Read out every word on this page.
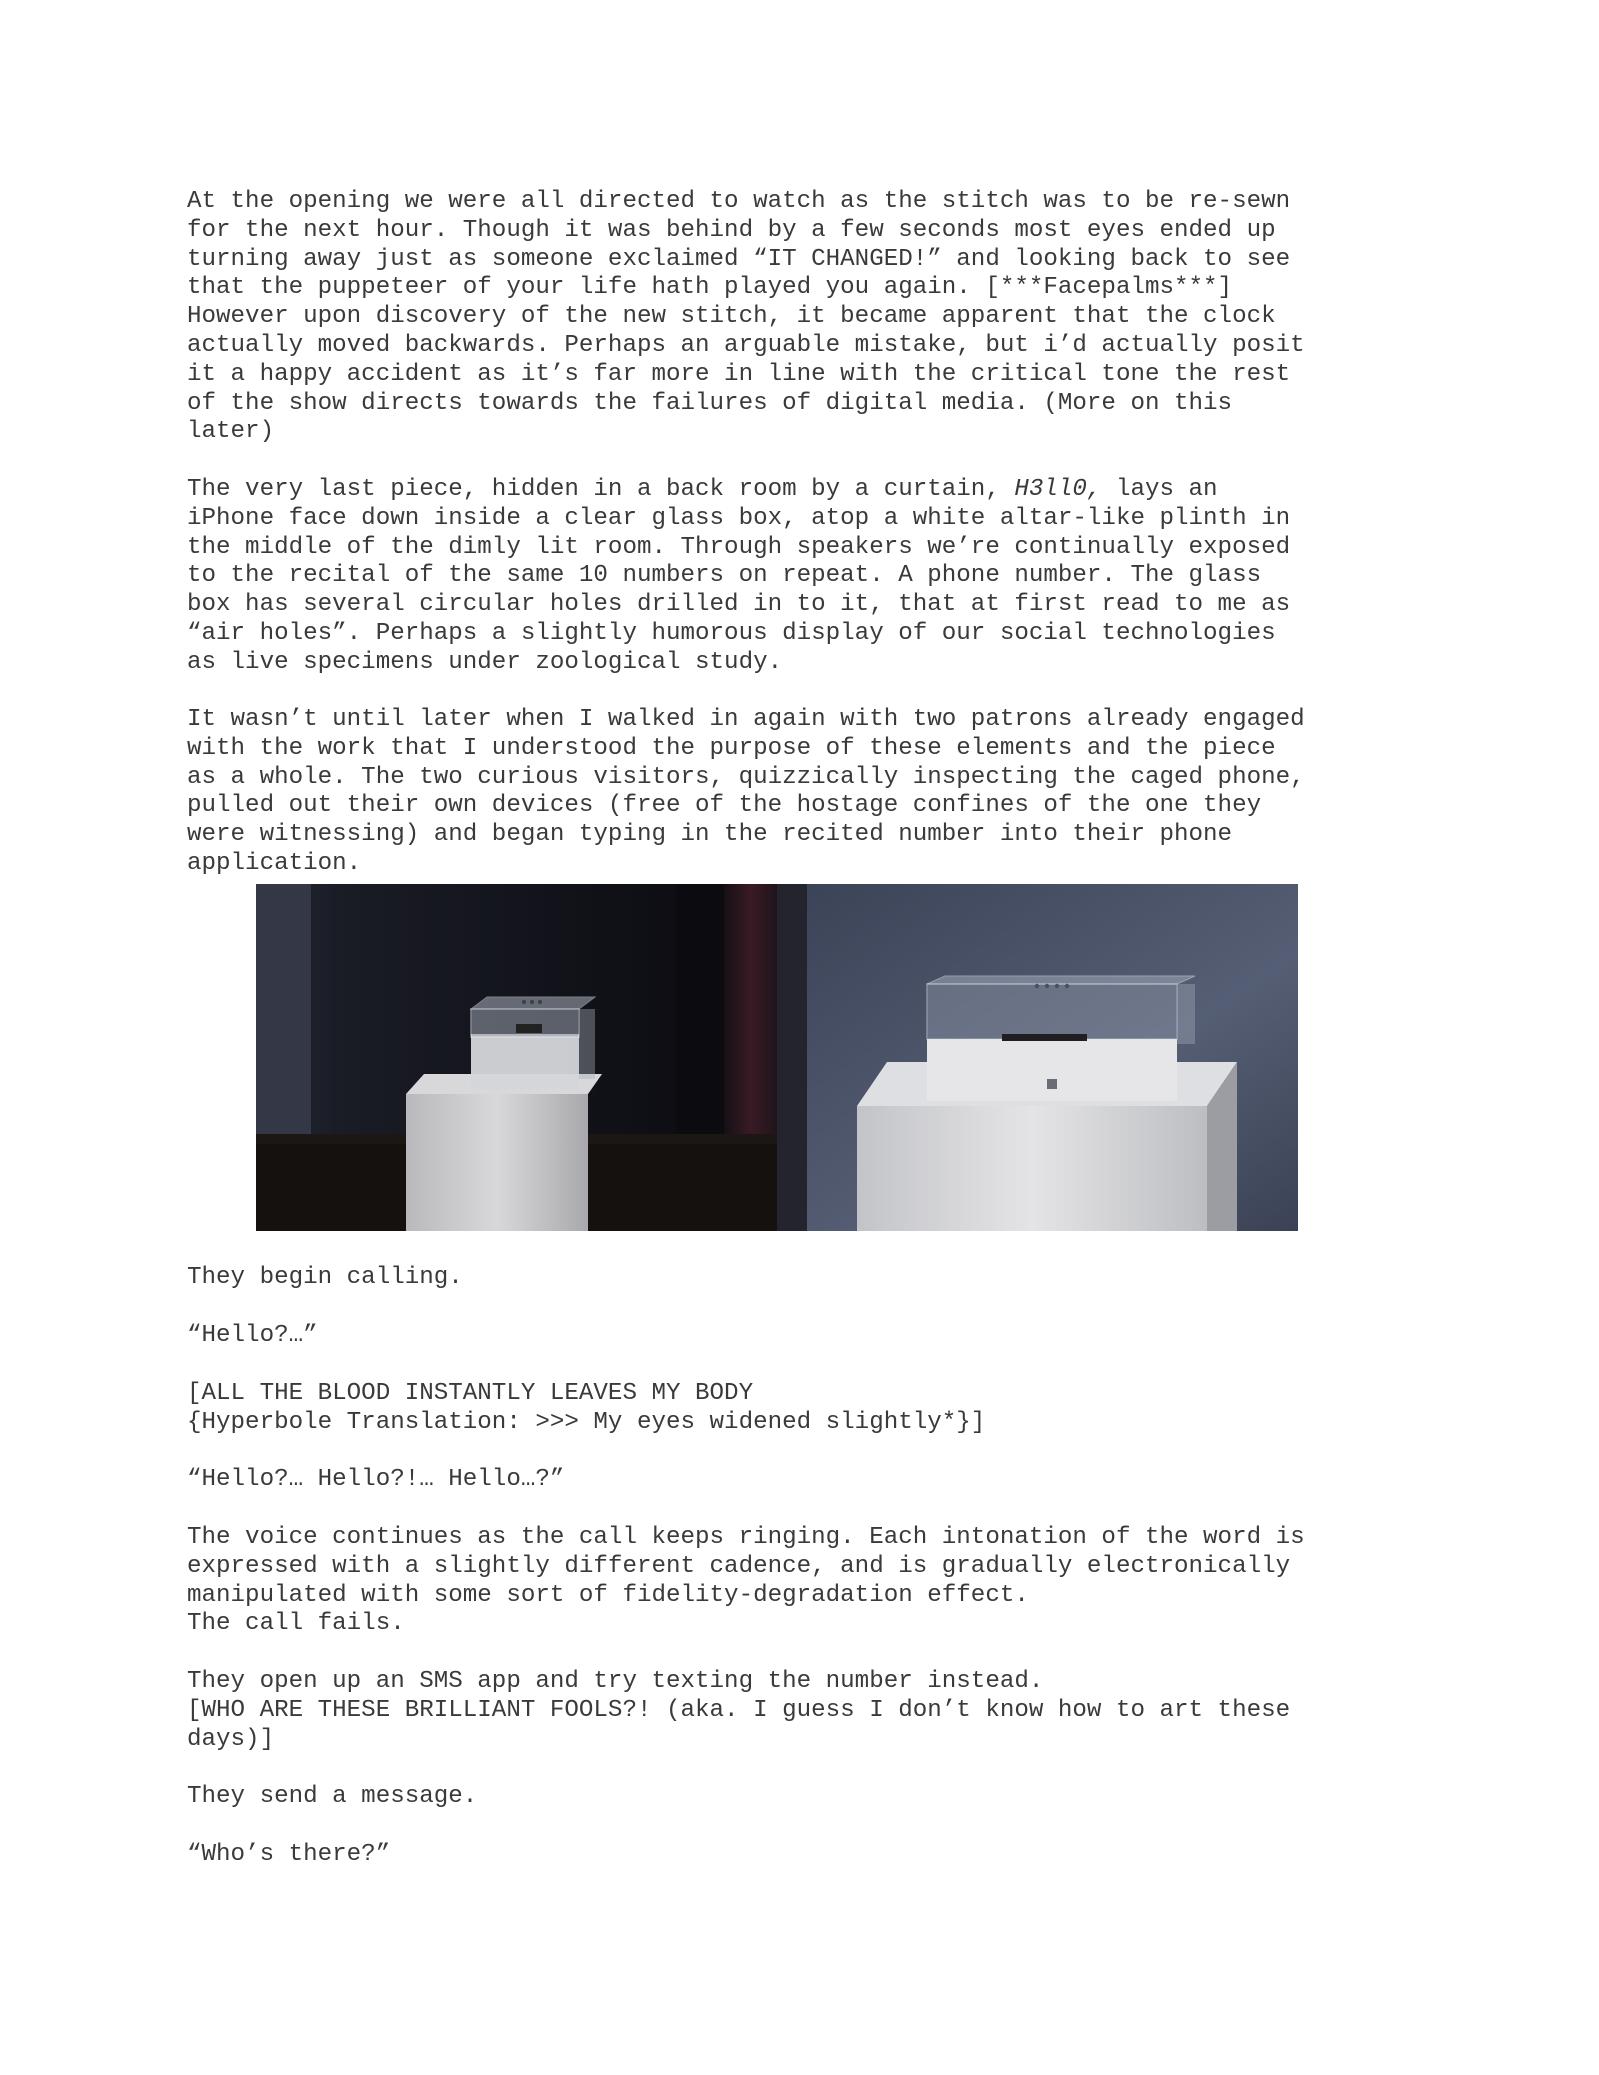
At the opening we were all directed to watch as the stitch was to be re-sewn
for the next hour. Though it was behind by a few seconds most eyes ended up
turning away just as someone exclaimed “IT CHANGED!” and looking back to see
that the puppeteer of your life hath played you again. [***Facepalms***]
However upon discovery of the new stitch, it became apparent that the clock
actually moved backwards. Perhaps an arguable mistake, but i’d actually posit
it a happy accident as it’s far more in line with the critical tone the rest
of the show directs towards the failures of digital media. (More on this
later)

The very last piece, hidden in a back room by a curtain, H3ll0, lays an
iPhone face down inside a clear glass box, atop a white altar-like plinth in
the middle of the dimly lit room. Through speakers we’re continually exposed
to the recital of the same 10 numbers on repeat. A phone number. The glass
box has several circular holes drilled in to it, that at first read to me as
“air holes”. Perhaps a slightly humorous display of our social technologies
as live specimens under zoological study.

It wasn’t until later when I walked in again with two patrons already engaged
with the work that I understood the purpose of these elements and the piece
as a whole. The two curious visitors, quizzically inspecting the caged phone,
pulled out their own devices (free of the hostage confines of the one they
were witnessing) and began typing in the recited number into their phone
application.

They begin calling.

“Hello?…”

[ALL THE BLOOD INSTANTLY LEAVES MY BODY
{Hyperbole Translation: >>> My eyes widened slightly*}]

“Hello?… Hello?!… Hello…?”

The voice continues as the call keeps ringing. Each intonation of the word is
expressed with a slightly different cadence, and is gradually electronically
manipulated with some sort of fidelity-degradation effect.
The call fails.

They open up an SMS app and try texting the number instead.
[WHO ARE THESE BRILLIANT FOOLS?! (aka. I guess I don’t know how to art these
days)]

They send a message.

“Who’s there?”
